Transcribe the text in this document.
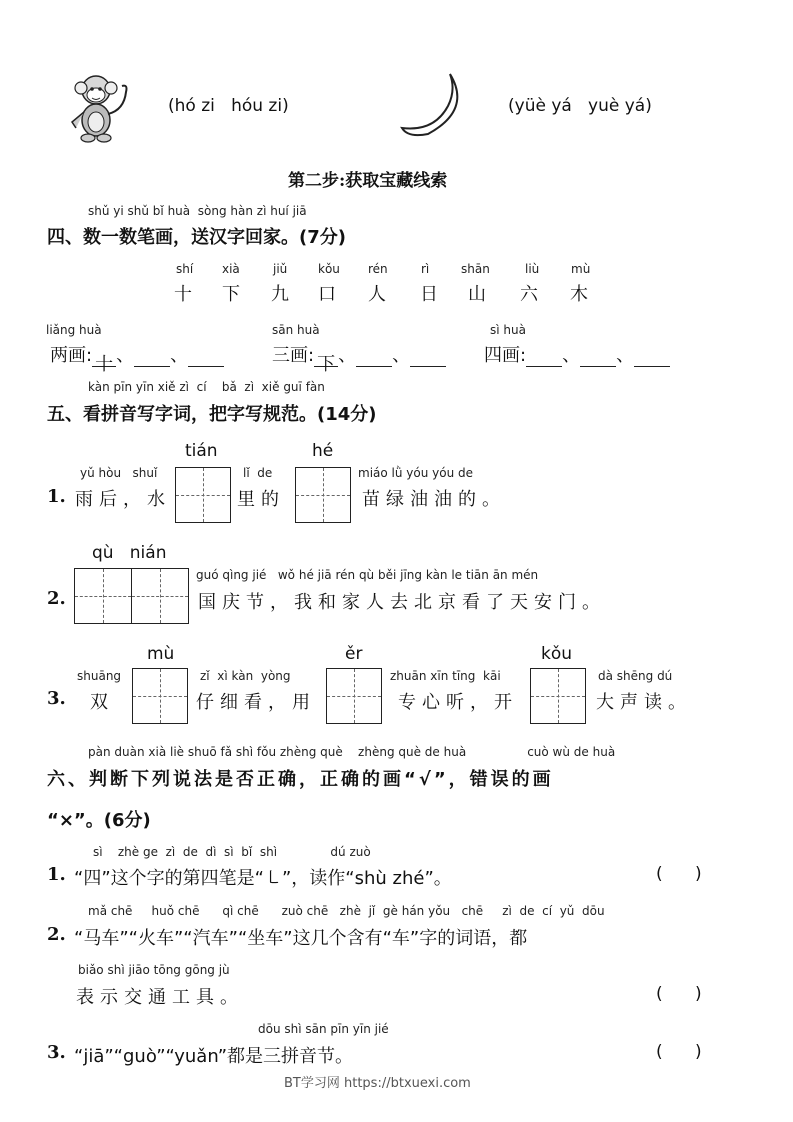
(hó zi   hóu zi)	(yüè yá   yuè yá)
第二步:获取宝藏线索
shǔ yi shǔ bǐ huà  sòng hàn zì huí jiā
四、数一数笔画，送汉字回家。(7分)
shí xià	jiǔ	kǒu rén	rì	shān	liù	mù
十 下 九 口 人 日 山 六 木
liǎng huà
两画: 十 、 、
sān huà
三画: 下 、 、
sì huà
四画: 、 、
kàn pīn yīn xiě zì  cí    bǎ  zì  xiě guī fàn
五、看拼音写字词，把字写规范。(14分)
tián	hé
1.
yǔ hòu   shuǐ
雨后，水
lǐ  de
里的
miáo lǜ yóu yóu de
苗绿油油的。
qù   nián
2.
guó qìng jié   wǒ hé jiā rén qù běi jīng kàn le tiān ān mén
国庆节，我和家人去北京看了天安门。
mù	ěr	kǒu
3.
shuāng
双
zǐ  xì kàn  yòng
仔细看，用
zhuān xīn tīng  kāi
专心听，开
dà shēng dú
大声读。
pàn duàn xià liè shuō fǎ shì fǒu zhèng què    zhèng què de huà                cuò wù de huà
六、判断下列说法是否正确，正确的画“√”，错误的画
“×”。(6分)
sì    zhè ge  zì  de  dì  sì  bǐ  shì              dú zuò
1. “四”这个字的第四笔是“㇄”，读作“shù zhé”。	(      )
mǎ chē     huǒ chē      qì chē      zuò chē   zhè  jǐ  gè hán yǒu   chē     zì  de  cí  yǔ  dōu
2. “马车”“火车”“汽车”“坐车”这几个含有“车”字的词语，都
biǎo shì jiāo tōng gōng jù
表示交通工具。	(      )
dōu shì sān pīn yīn jié
3. “jiā”“guò”“yuǎn”都是三拼音节。	(      )
BT学习网 https://btxuexi.com
